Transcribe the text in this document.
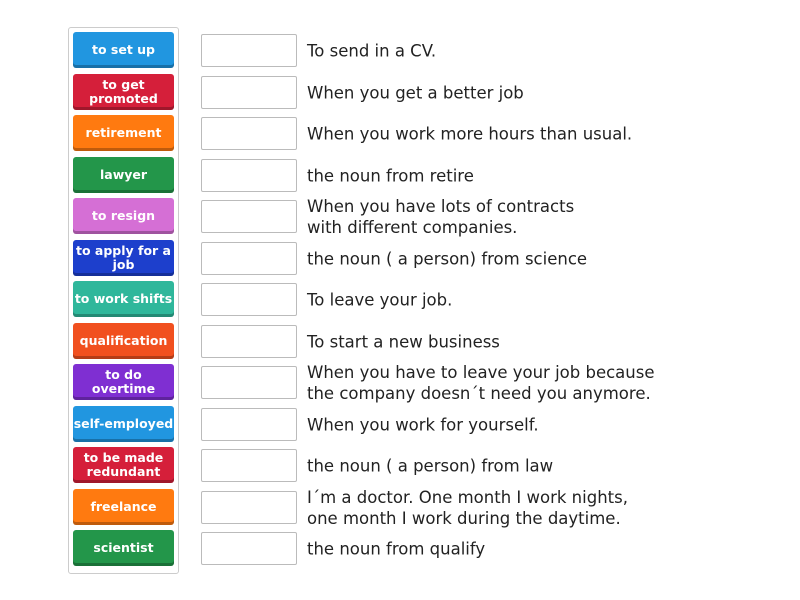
to set up
to get promoted
retirement
lawyer
to resign
to apply for a job
to work shifts
qualification
to do overtime
self-employed
to be made redundant
freelance
scientist
To send in a CV.
When you get a better job
When you work more hours than usual.
the noun from retire
When you have lots of contracts
with different companies.
the noun ( a person) from science
To leave your job.
To start a new business
When you have to leave your job because
the company doesn´t need you anymore.
When you work for yourself.
the noun ( a person) from law
I´m a doctor. One month I work nights,
one month I work during the daytime.
the noun from qualify
